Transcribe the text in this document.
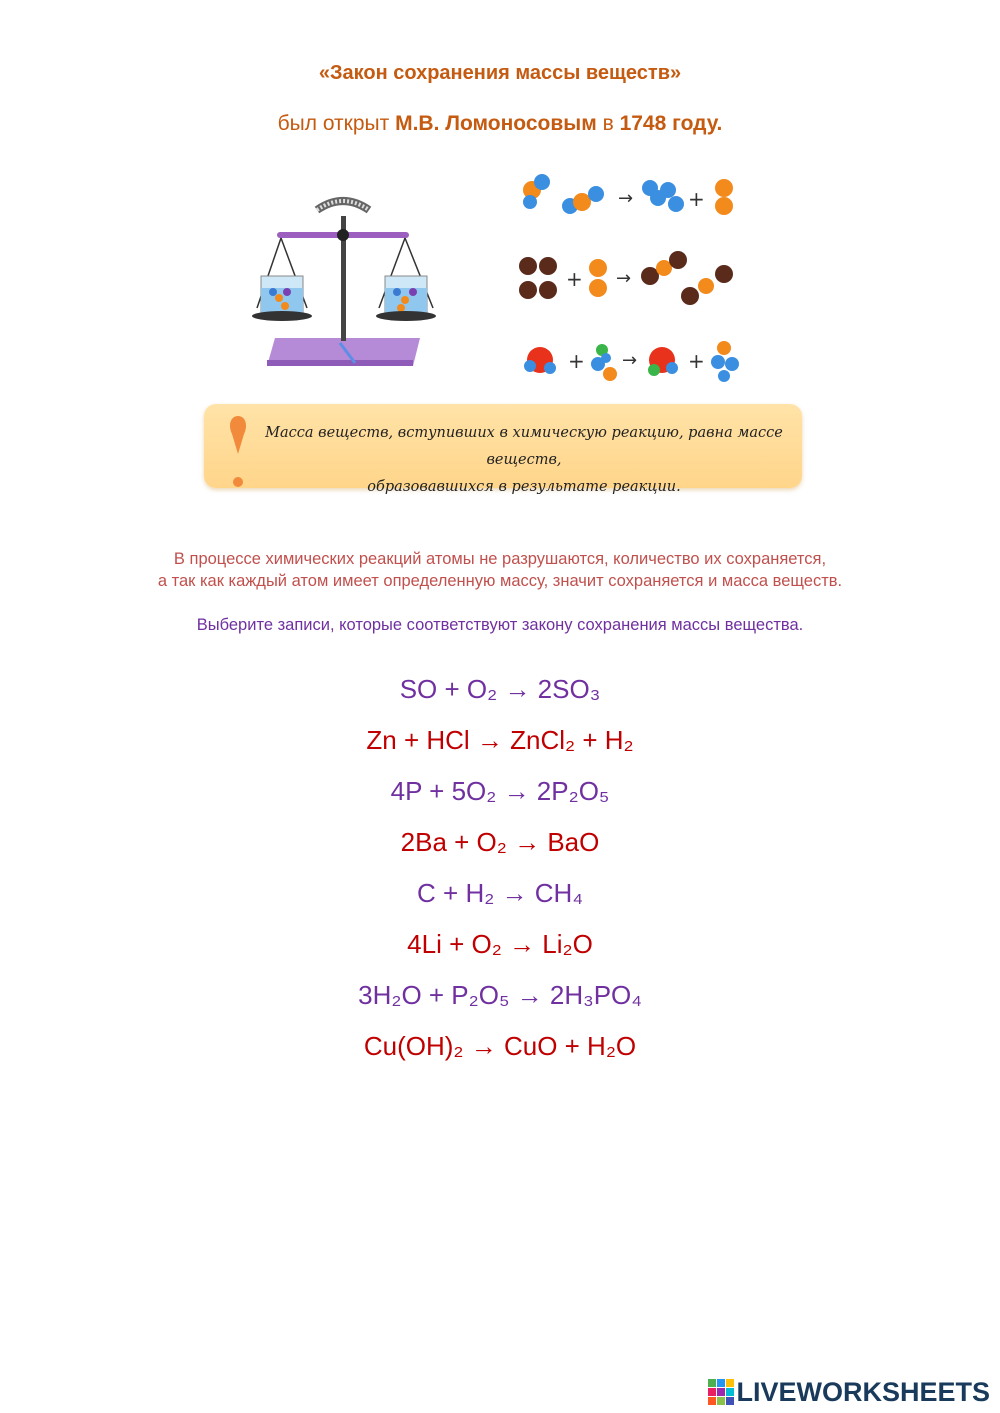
«Закон сохранения массы веществ»
был открыт М.В. Ломоносовым в 1748 году.
→	+
+ →
+ →	+
Масса веществ, вступивших в химическую реакцию, равна массе веществ,
образовавшихся в результате реакции.
В процессе химических реакций атомы не разрушаются, количество их сохраняется,
а так как каждый атом имеет определенную массу, значит сохраняется и масса веществ.
Выберите записи, которые соответствуют закону сохранения массы вещества.
SO + O₂ → 2SO₃
Zn + HCl → ZnCl₂ + H₂
4P + 5O₂ → 2P₂O₅
2Ba + O₂ → BaO
C + H₂ → CH₄
4Li + O₂ → Li₂O
3H₂O + P₂O₅ → 2H₃PO₄
Cu(OH)₂ → CuO + H₂O
LIVEWORKSHEETS
